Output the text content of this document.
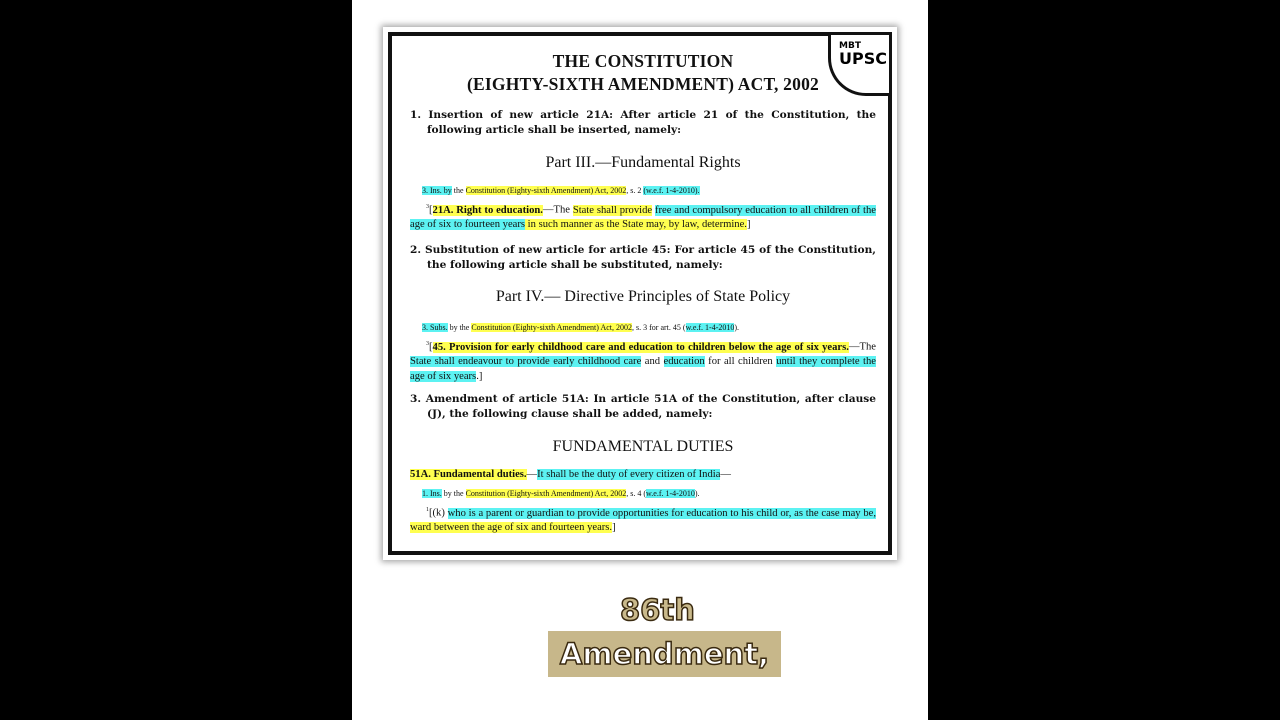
MBT
UPSC
THE CONSTITUTION
(EIGHTY-SIXTH AMENDMENT) ACT, 2002
1. Insertion of new article 21A: After article 21 of the Constitution, the following article shall be inserted, namely:
Part III.—Fundamental Rights
3. Ins. by the Constitution (Eighty-sixth Amendment) Act, 2002, s. 2 (w.e.f. 1-4-2010).
$^3$[21A. Right to education.—The State shall provide free and compulsory education to all children of the age of six to fourteen years in such manner as the State may, by law, determine.]
2. Substitution of new article for article 45: For article 45 of the Constitution, the following article shall be substituted, namely:
Part IV.— Directive Principles of State Policy
3. Subs. by the Constitution (Eighty-sixth Amendment) Act, 2002, s. 3 for art. 45 (w.e.f. 1-4-2010).
$^3$[45. Provision for early childhood care and education to children below the age of six years.—The State shall endeavour to provide early childhood care and education for all children until they complete the age of six years.]
3. Amendment of article 51A: In article 51A of the Constitution, after clause (J), the following clause shall be added, namely:
FUNDAMENTAL DUTIES
51A. Fundamental duties.—It shall be the duty of every citizen of India—
1. Ins. by the Constitution (Eighty-sixth Amendment) Act, 2002, s. 4 (w.e.f. 1-4-2010).
$^1$[(k) who is a parent or guardian to provide opportunities for education to his child or, as the case may be, ward between the age of six and fourteen years.]
86th
Amendment,
